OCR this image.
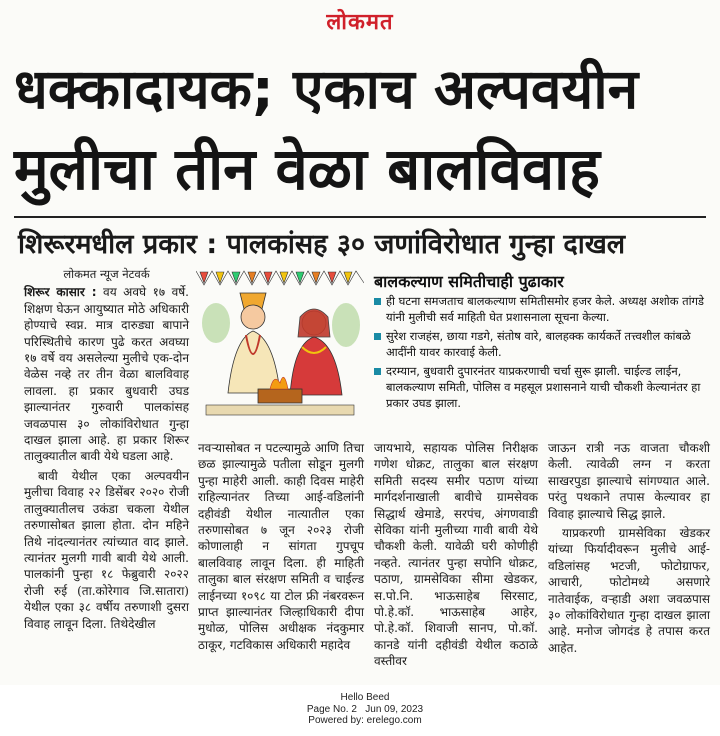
लोकमत
धक्कादायक; एकाच अल्पवयीन
मुलीचा तीन वेळा बालविवाह
शिरूरमधील प्रकार : पालकांसह ३० जणांविरोधात गुन्हा दाखल
लोकमत न्यूज नेटवर्क

शिरूर कासार : वय अवघे १७ वर्षे. शिक्षण घेऊन आयुष्यात मोठे अधिकारी होण्याचे स्वप्न. मात्र दारुड्या बापाने परिस्थितीचे कारण पुढे करत अवघ्या १७ वर्षे वय असलेल्या मुलीचे एक-दोन वेळेस नव्हे तर तीन वेळा बालविवाह लावला. हा प्रकार बुधवारी उघड झाल्यानंतर गुरुवारी पालकांसह जवळपास ३० लोकांविरोधात गुन्हा दाखल झाला आहे. हा प्रकार शिरूर तालुक्यातील बावी येथे घडला आहे.

बावी येथील एका अल्पवयीन मुलीचा विवाह २२ डिसेंबर २०२० रोजी तालुक्यातीलच उकंडा चकला येथील तरुणासोबत झाला होता. दोन महिने तिथे नांदल्यानंतर त्यांच्यात वाद झाले. त्यानंतर मुलगी गावी बावी येथे आली. पालकांनी पुन्हा १८ फेब्रुवारी २०२२ रोजी रुई (ता.कोरेगाव जि.सातारा) येथील एका ३८ वर्षीय तरुणाशी दुसरा विवाह लावून दिला. तिथेदेखील

बालकल्याण समितीचाही पुढाकार
ही घटना समजताच बालकल्याण समितीसमोर हजर केले. अध्यक्ष अशोक तांगडे यांनी मुलीची सर्व माहिती घेत प्रशासनाला सूचना केल्या.
सुरेश राजहंस, छाया गडगे, संतोष वारे, बालहक्क कार्यकर्ते तत्त्वशील कांबळे आदींनी यावर कारवाई केली.
दरम्यान, बुधवारी दुपारनंतर याप्रकरणाची चर्चा सुरू झाली. चाईल्ड लाईन, बालकल्याण समिती, पोलिस व महसूल प्रशासनाने याची चौकशी केल्यानंतर हा प्रकार उघड झाला.

नवऱ्यासोबत न पटल्यामुळे आणि तिचा छळ झाल्यामुळे पतीला सोडून मुलगी पुन्हा माहेरी आली. काही दिवस माहेरी राहिल्यानंतर तिच्या आई-वडिलांनी दहीवंडी येथील नात्यातील एका तरुणासोबत ७ जून २०२३ रोजी कोणालाही न सांगता गुपचूप बालविवाह लावून दिला. ही माहिती तालुका बाल संरक्षण समिती व चाईल्ड लाईनच्या १०९८ या टोल फ्री नंबरवरून प्राप्त झाल्यानंतर जिल्हाधिकारी दीपा मुधोळ, पोलिस अधीक्षक नंदकुमार ठाकूर, गटविकास अधिकारी महादेव

जायभाये, सहायक पोलिस निरीक्षक गणेश धोक्रट, तालुका बाल संरक्षण समिती सदस्य समीर पठाण यांच्या मार्गदर्शनाखाली बावीचे ग्रामसेवक सिद्धार्थ खेमाडे, सरपंच, अंगणवाडी सेविका यांनी मुलीच्या गावी बावी येथे चौकशी केली. यावेळी घरी कोणीही नव्हते. त्यानंतर पुन्हा सपोनि धोक्रट, पठाण, ग्रामसेविका सीमा खेडकर, स.पो.नि. भाऊसाहेब सिरसाट, पो.हे.कॉ. भाऊसाहेब आहेर, पो.हे.कॉ. शिवाजी सानप, पो.कॉ. कानडे यांनी दहीवंडी येथील कठाळे वस्तीवर

जाऊन रात्री नऊ वाजता चौकशी केली. त्यावेळी लग्न न करता साखरपुडा झाल्याचे सांगण्यात आले. परंतु पथकाने तपास केल्यावर हा विवाह झाल्याचे सिद्ध झाले.

याप्रकरणी ग्रामसेविका खेडकर यांच्या फिर्यादीवरून मुलीचे आई-वडिलांसह भटजी, फोटोग्राफर, आचारी, फोटोमध्ये असणारे नातेवाईक, वऱ्हाडी अशा जवळपास ३० लोकांविरोधात गुन्हा दाखल झाला आहे. मनोज जोगदंड हे तपास करत आहेत.

Hello Beed
Page No. 2 Jun 09, 2023
Powered by: erelego.com
